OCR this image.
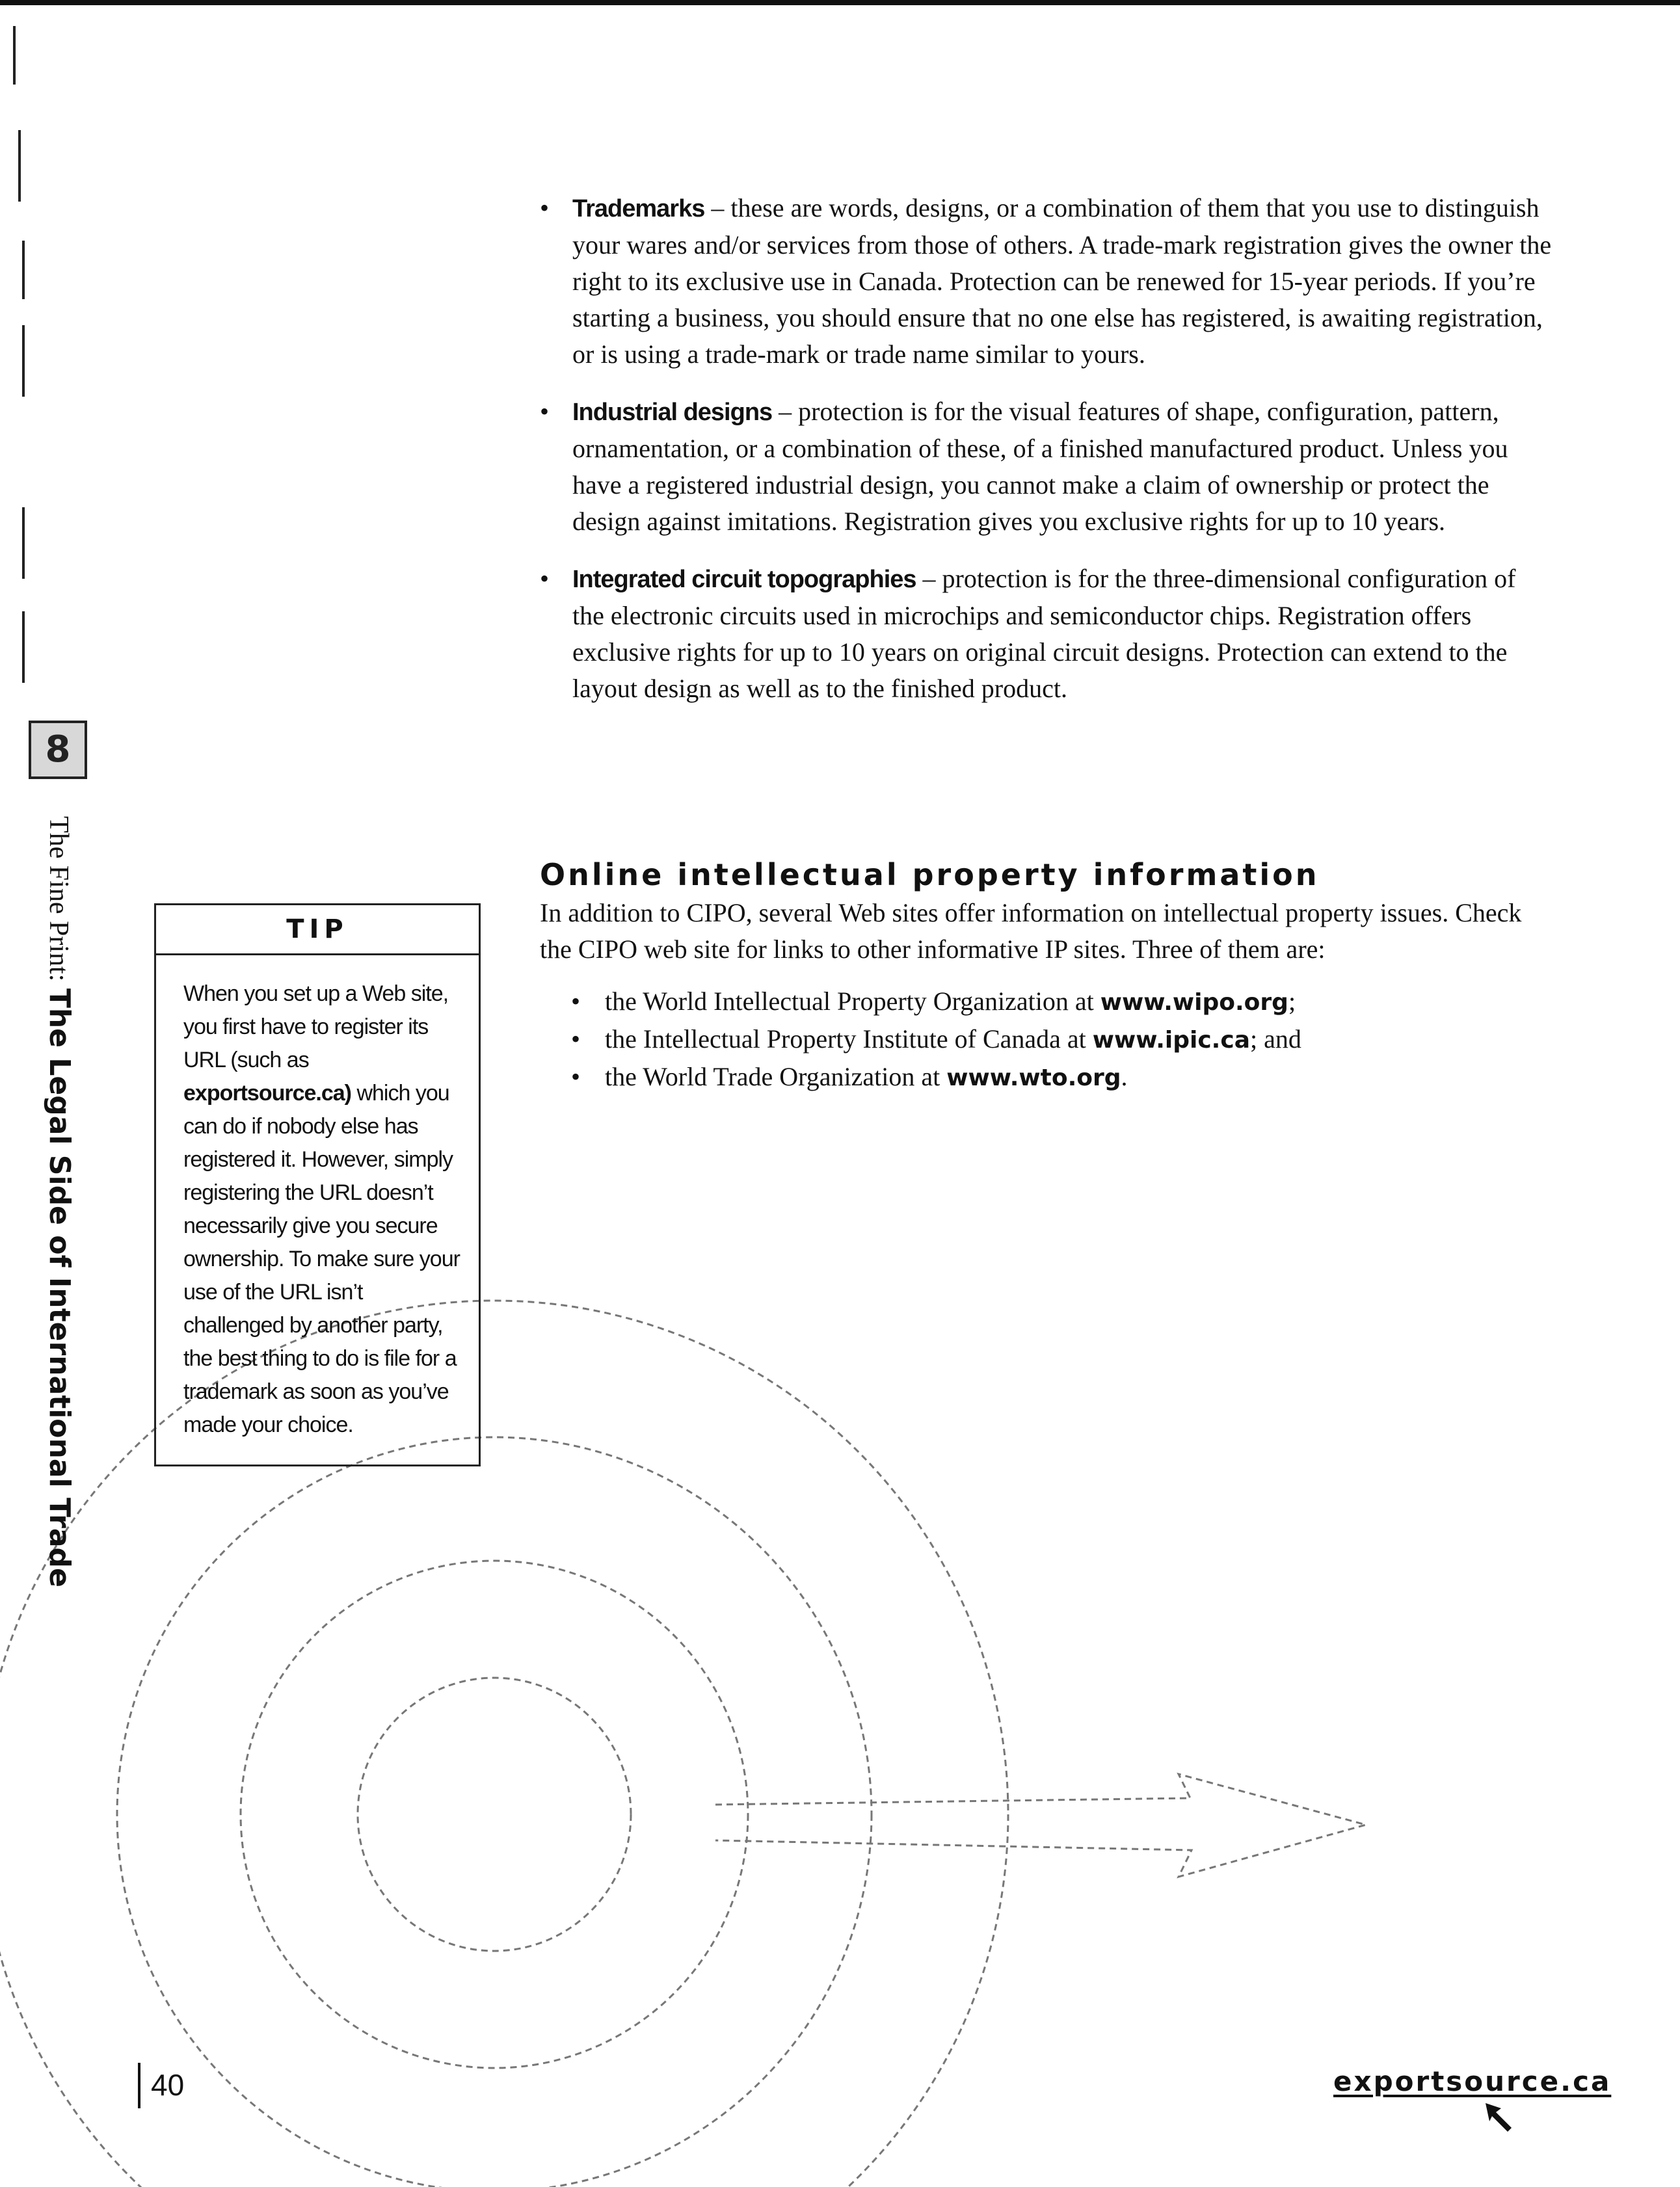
• Trademarks – these are words, designs, or a combination of them that you use to distinguish your wares and/or services from those of others. A trade-mark registration gives the owner the right to its exclusive use in Canada. Protection can be renewed for 15-year periods. If you’re starting a business, you should ensure that no one else has registered, is awaiting registration, or is using a trade-mark or trade name similar to yours.
• Industrial designs – protection is for the visual features of shape, configuration, pattern, ornamentation, or a combination of these, of a finished manufactured product. Unless you have a registered industrial design, you cannot make a claim of ownership or protect the design against imitations. Registration gives you exclusive rights for up to 10 years.
• Integrated circuit topographies – protection is for the three-dimensional configuration of the electronic circuits used in microchips and semiconductor chips. Registration offers exclusive rights for up to 10 years on original circuit designs. Protection can extend to the layout design as well as to the finished product.
Online intellectual property information

In addition to CIPO, several Web sites offer information on intellectual property issues. Check the CIPO web site for links to other informative IP sites. Three of them are:

• the World Intellectual Property Organization at www.wipo.org;
• the Intellectual Property Institute of Canada at www.ipic.ca; and
• the World Trade Organization at www.wto.org.
TIP
When you set up a Web site, you first have to register its URL (such as exportsource.ca) which you can do if nobody else has registered it. However, simply registering the URL doesn’t necessarily give you secure ownership. To make sure your use of the URL isn’t challenged by another party, the best thing to do is file for a trademark as soon as you’ve made your choice.
8
The Fine Print: The Legal Side of International Trade
40	exportsource.ca
